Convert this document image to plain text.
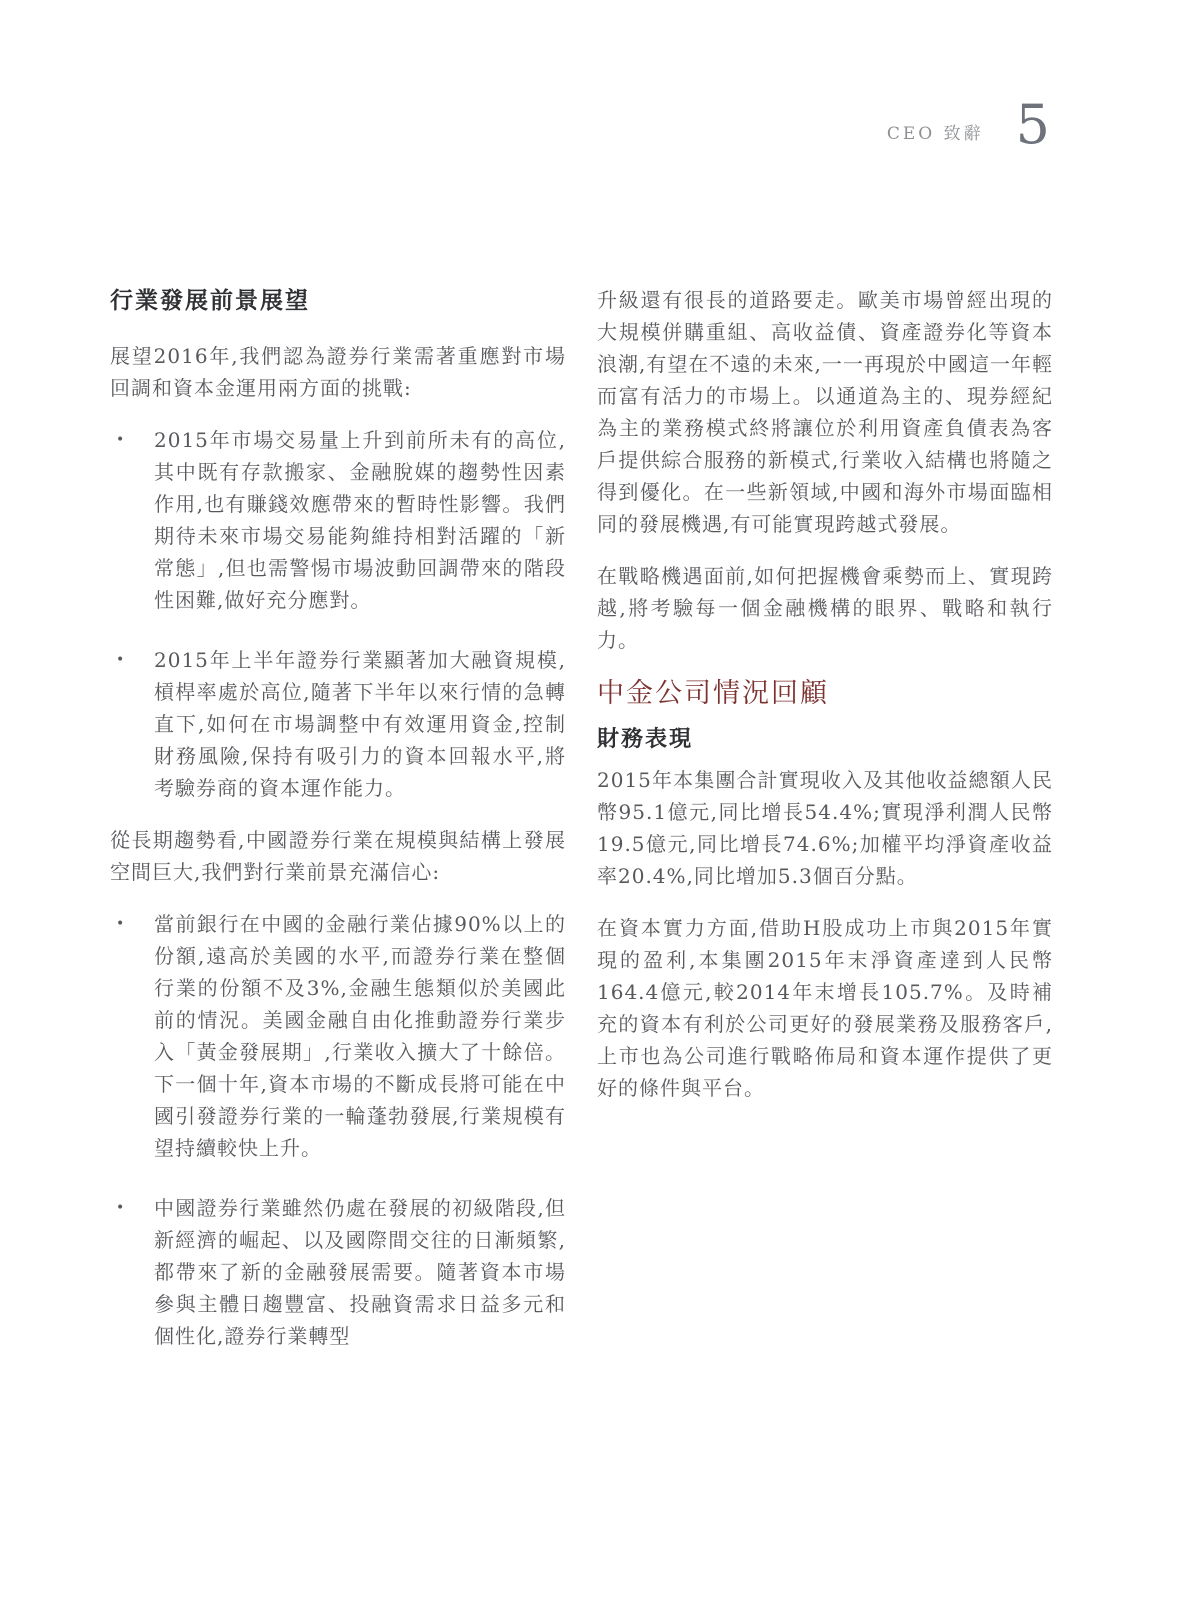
CEO 致辭 5
行業發展前景展望

展望2016年,我們認為證券行業需著重應對市場回調和資本金運用兩方面的挑戰:

•	2015年市場交易量上升到前所未有的高位,其中既有存款搬家、金融脫媒的趨勢性因素作用,也有賺錢效應帶來的暫時性影響。我們期待未來市場交易能夠維持相對活躍的「新常態」,但也需警惕市場波動回調帶來的階段性困難,做好充分應對。

•	2015年上半年證券行業顯著加大融資規模,槓桿率處於高位,隨著下半年以來行情的急轉直下,如何在市場調整中有效運用資金,控制財務風險,保持有吸引力的資本回報水平,將考驗券商的資本運作能力。

從長期趨勢看,中國證券行業在規模與結構上發展空間巨大,我們對行業前景充滿信心:

•	當前銀行在中國的金融行業佔據90%以上的份額,遠高於美國的水平,而證券行業在整個行業的份額不及3%,金融生態類似於美國此前的情況。美國金融自由化推動證券行業步入「黃金發展期」,行業收入擴大了十餘倍。下一個十年,資本市場的不斷成長將可能在中國引發證券行業的一輪蓬勃發展,行業規模有望持續較快上升。

•	中國證券行業雖然仍處在發展的初級階段,但新經濟的崛起、以及國際間交往的日漸頻繁,都帶來了新的金融發展需要。隨著資本市場參與主體日趨豐富、投融資需求日益多元和個性化,證券行業轉型

升級還有很長的道路要走。歐美市場曾經出現的大規模併購重組、高收益債、資產證券化等資本浪潮,有望在不遠的未來,一一再現於中國這一年輕而富有活力的市場上。以通道為主的、現券經紀為主的業務模式終將讓位於利用資產負債表為客戶提供綜合服務的新模式,行業收入結構也將隨之得到優化。在一些新領域,中國和海外市場面臨相同的發展機遇,有可能實現跨越式發展。

在戰略機遇面前,如何把握機會乘勢而上、實現跨越,將考驗每一個金融機構的眼界、戰略和執行力。

中金公司情況回顧
財務表現

2015年本集團合計實現收入及其他收益總額人民幣95.1億元,同比增長54.4%;實現淨利潤人民幣19.5億元,同比增長74.6%;加權平均淨資產收益率20.4%,同比增加5.3個百分點。

在資本實力方面,借助H股成功上市與2015年實現的盈利,本集團2015年末淨資產達到人民幣164.4億元,較2014年末增長105.7%。及時補充的資本有利於公司更好的發展業務及服務客戶,上市也為公司進行戰略佈局和資本運作提供了更好的條件與平台。
